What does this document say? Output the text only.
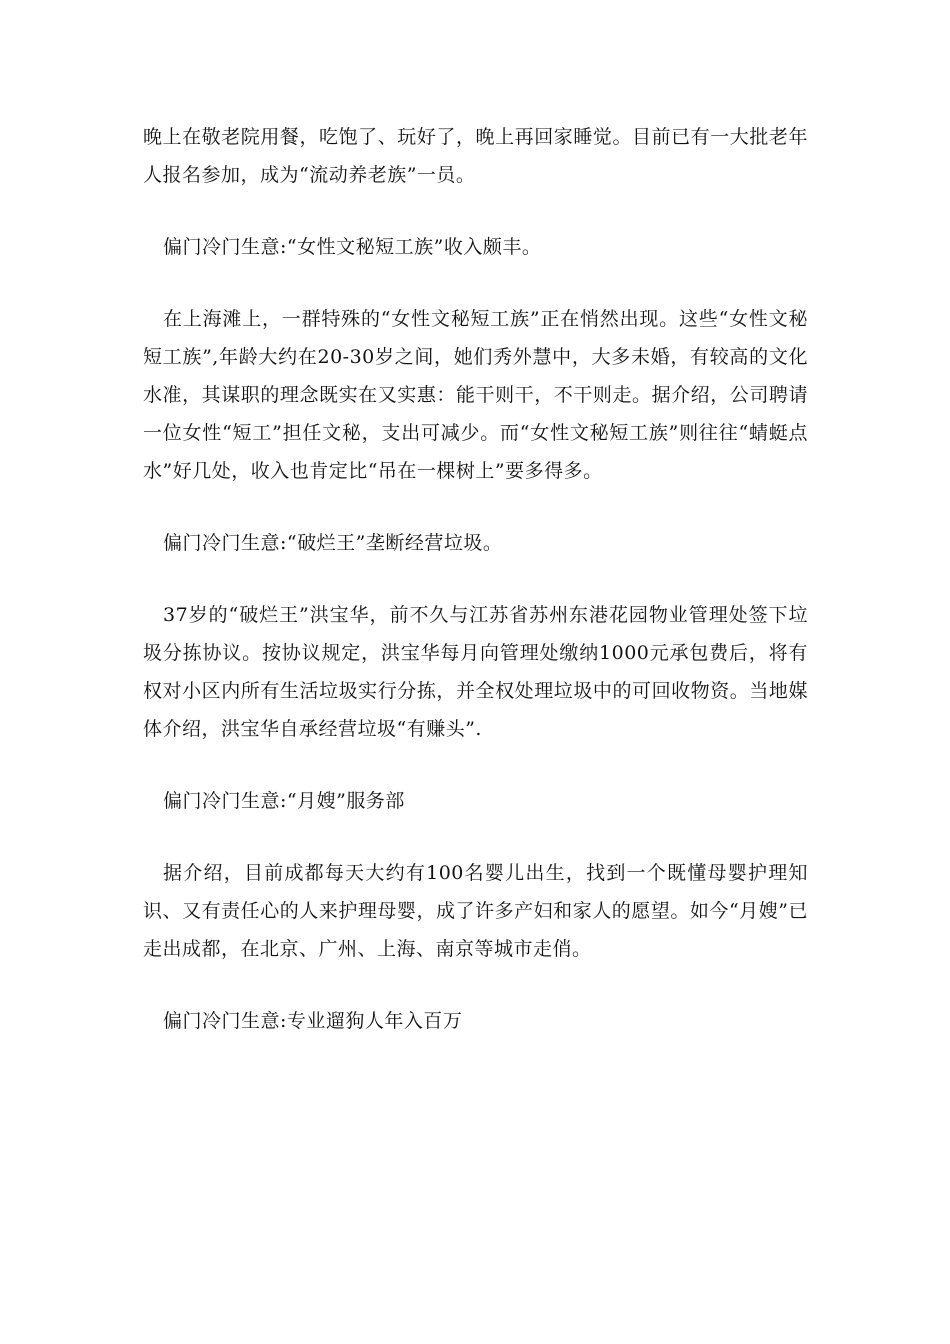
晚上在敬老院用餐，吃饱了、玩好了，晚上再回家睡觉。目前已有一大批老年人报名参加，成为“流动养老族”一员。

偏门冷门生意:“女性文秘短工族”收入颇丰。

在上海滩上，一群特殊的“女性文秘短工族”正在悄然出现。这些“女性文秘短工族”,年龄大约在20-30岁之间，她们秀外慧中，大多未婚，有较高的文化水准，其谋职的理念既实在又实惠：能干则干，不干则走。据介绍，公司聘请一位女性“短工”担任文秘，支出可减少。而“女性文秘短工族”则往往“蜻蜓点水”好几处，收入也肯定比“吊在一棵树上”要多得多。

偏门冷门生意:“破烂王”垄断经营垃圾。

37岁的“破烂王”洪宝华，前不久与江苏省苏州东港花园物业管理处签下垃圾分拣协议。按协议规定，洪宝华每月向管理处缴纳1000元承包费后，将有权对小区内所有生活垃圾实行分拣，并全权处理垃圾中的可回收物资。当地媒体介绍，洪宝华自承经营垃圾“有赚头”.

偏门冷门生意:“月嫂”服务部

据介绍，目前成都每天大约有100名婴儿出生，找到一个既懂母婴护理知识、又有责任心的人来护理母婴，成了许多产妇和家人的愿望。如今“月嫂”已走出成都，在北京、广州、上海、南京等城市走俏。

偏门冷门生意:专业遛狗人年入百万
